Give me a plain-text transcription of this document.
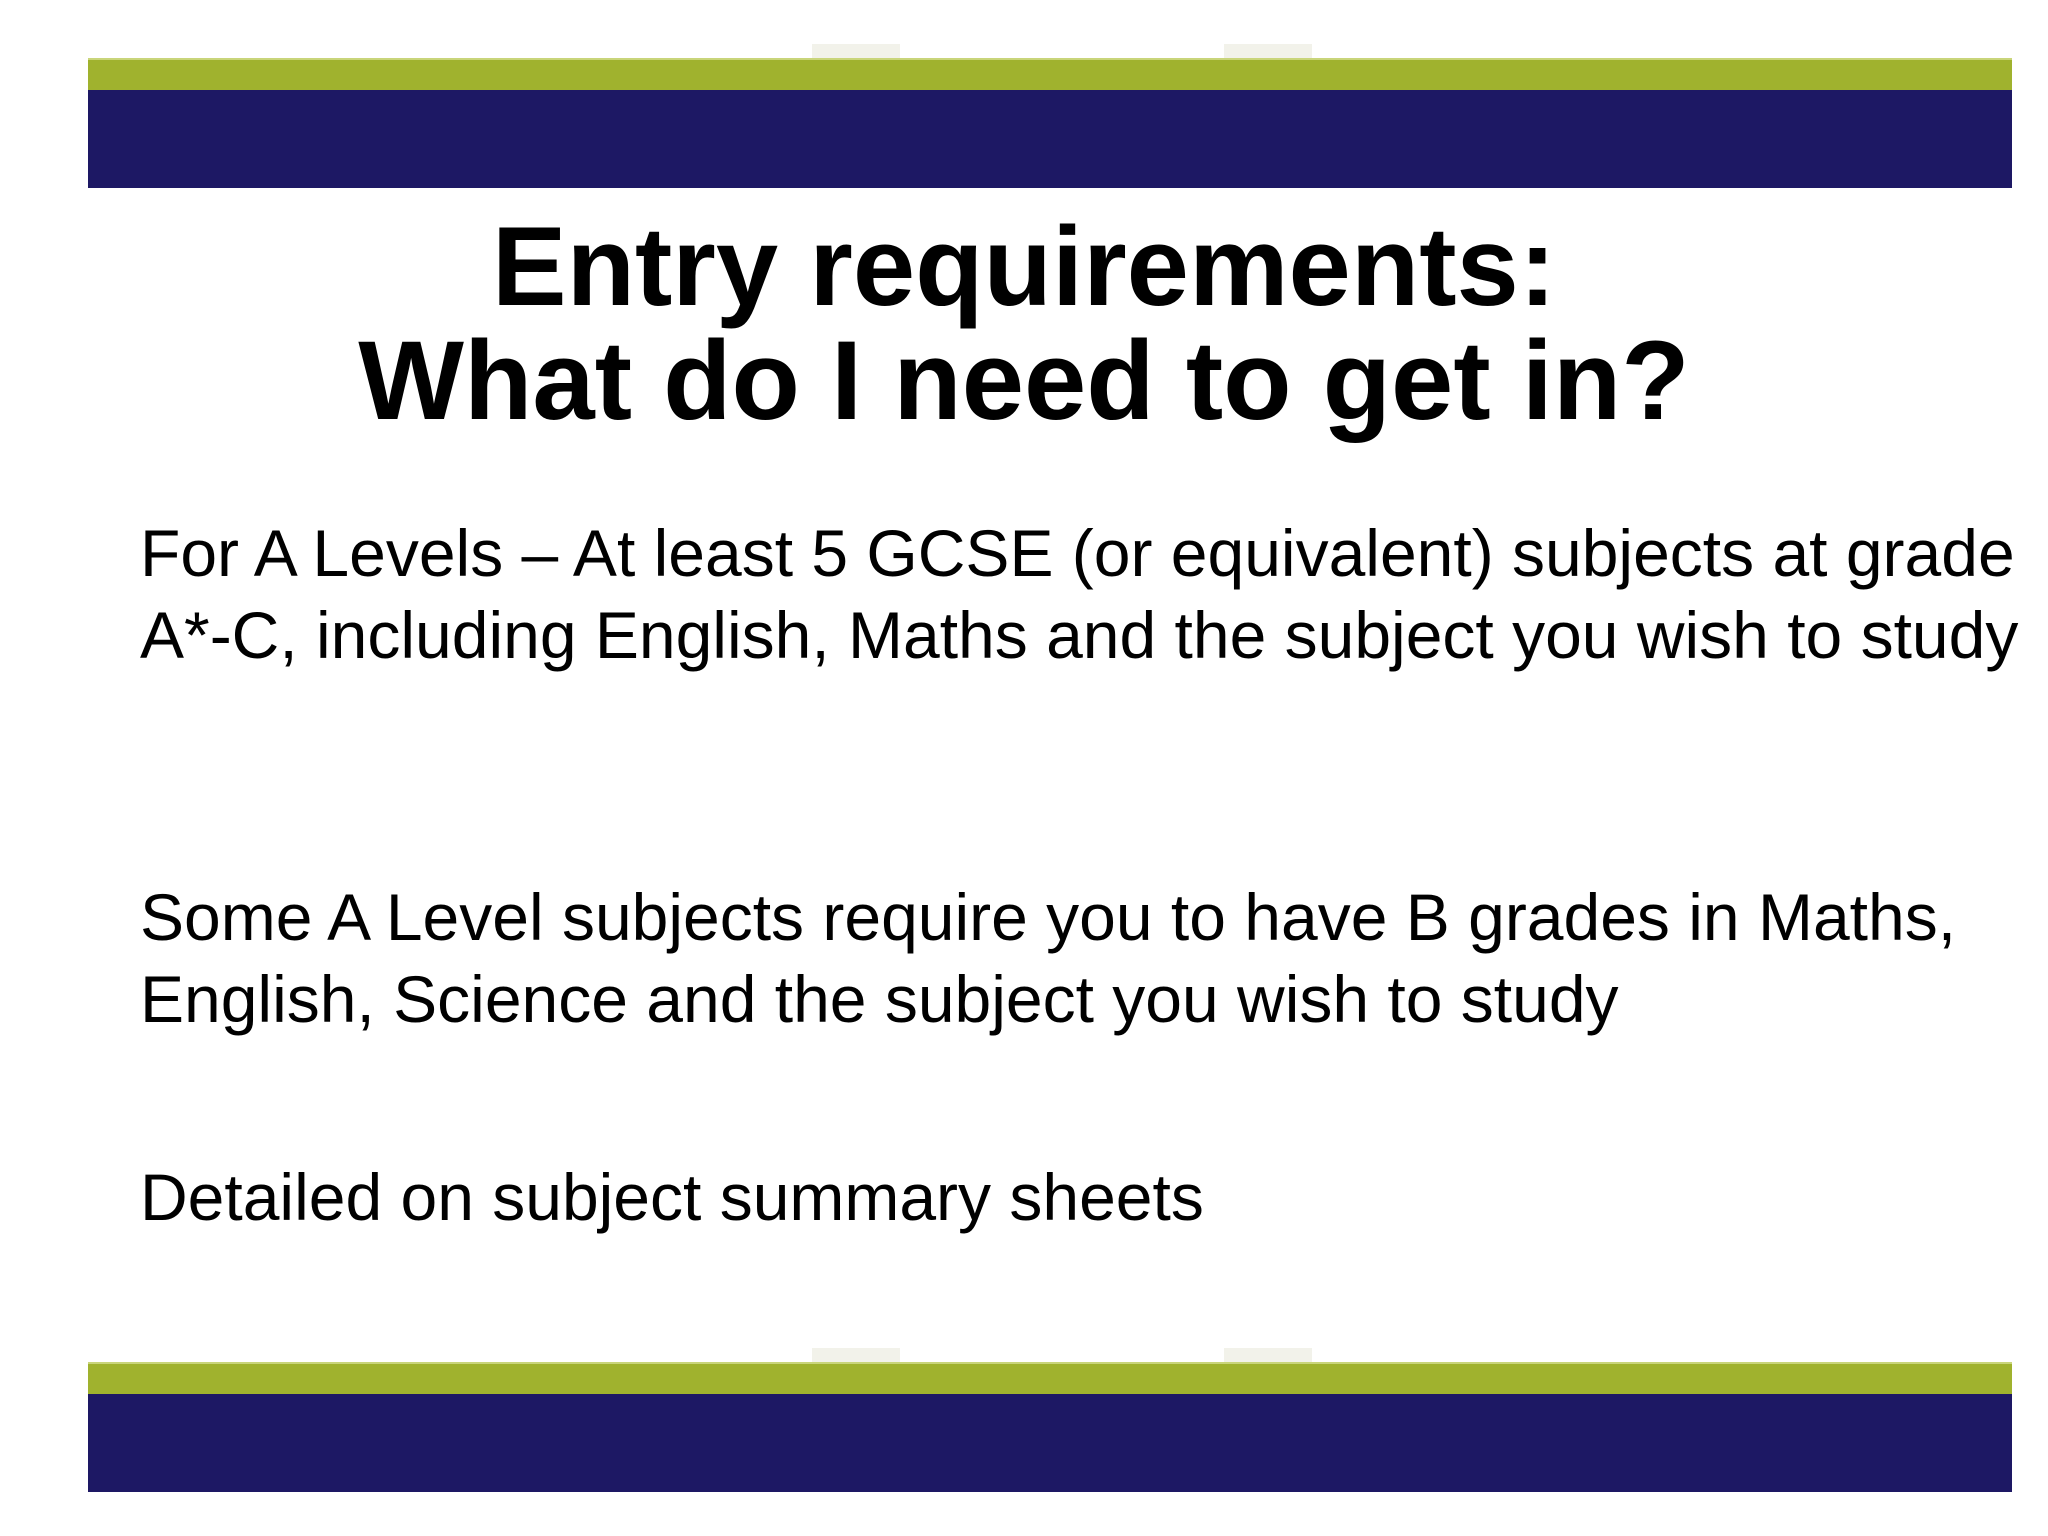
Entry requirements:
What do I need to get in?

For A Levels – At least 5 GCSE (or equivalent) subjects at grade A*-C, including English, Maths and the subject you wish to study

Some A Level subjects require you to have B grades in Maths, English, Science and the subject you wish to study

Detailed on subject summary sheets
